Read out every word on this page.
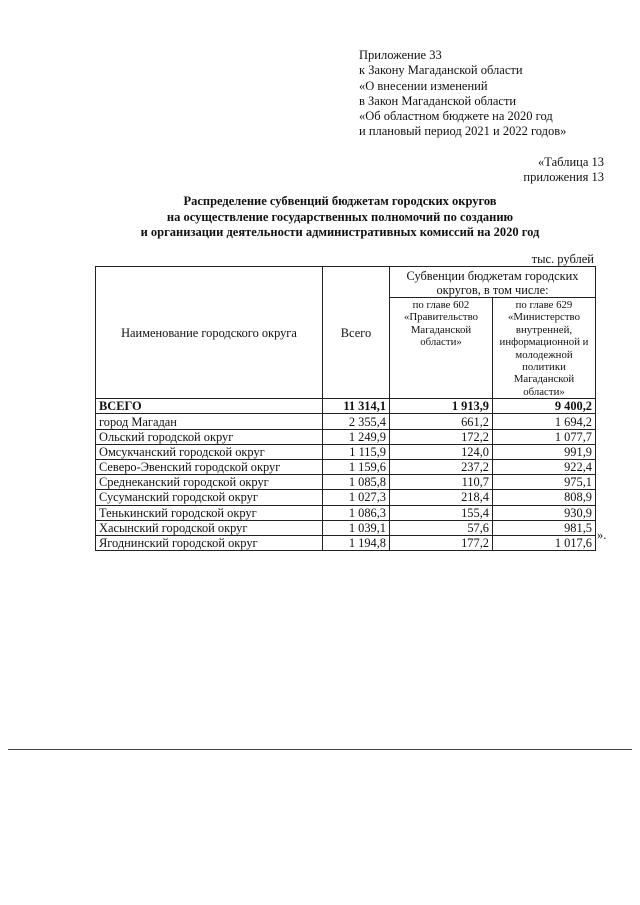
Приложение 33
к Закону Магаданской области
«О внесении изменений
в Закон Магаданской области
«Об областном бюджете на 2020 год
и плановый период 2021 и 2022 годов»
«Таблица 13
приложения 13
Распределение субвенций бюджетам городских округов
на осуществление государственных полномочий по созданию
и организации деятельности административных комиссий на 2020 год
тыс. рублей
Наименование городского округа	Всего	Субвенции бюджетам городских округов, в том числе:	
		по главе 602 «Правительство Магаданской области»	по главе 629 «Министерство внутренней, информационной и молодежной политики Магаданской области»
ВСЕГО	11 314,1	1 913,9	9 400,2
город Магадан	2 355,4	661,2	1 694,2
Ольский городской округ	1 249,9	172,2	1 077,7
Омсукчанский городской округ	1 115,9	124,0	991,9
Северо-Эвенский городской округ	1 159,6	237,2	922,4
Среднеканский городской округ	1 085,8	110,7	975,1
Сусуманский городской округ	1 027,3	218,4	808,9
Тенькинский городской округ	1 086,3	155,4	930,9
Хасынский городской округ	1 039,1	57,6	981,5
Ягоднинский городской округ	1 194,8	177,2	1 017,6
».
